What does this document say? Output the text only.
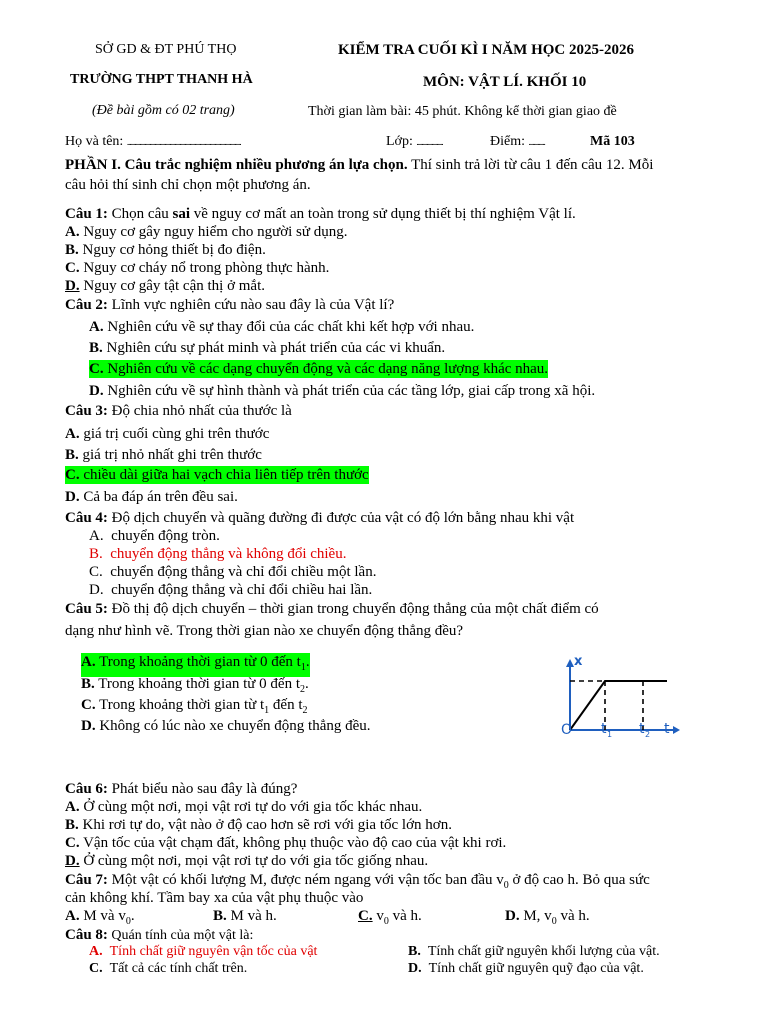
SỞ GD & ĐT PHÚ THỌ	KIỂM TRA CUỐI KÌ I NĂM HỌC 2025-2026
TRƯỜNG THPT THANH HÀ	MÔN: VẬT LÍ. KHỐI 10
(Đề bài gồm có 02 trang)	Thời gian làm bài: 45 phút. Không kể thời gian giao đề
Họ và tên: ...........................................................................................	Lớp: .....................	Điểm: .............	Mã 103
PHẦN I. Câu trắc nghiệm nhiều phương án lựa chọn. Thí sinh trả lời từ câu 1 đến câu 12. Mỗi
câu hỏi thí sinh chỉ chọn một phương án.
Câu 1: Chọn câu sai về nguy cơ mất an toàn trong sử dụng thiết bị thí nghiệm Vật lí.
A. Nguy cơ gây nguy hiểm cho người sử dụng.
B. Nguy cơ hỏng thiết bị đo điện.
C. Nguy cơ cháy nổ trong phòng thực hành.
D. Nguy cơ gây tật cận thị ở mắt.
Câu 2: Lĩnh vực nghiên cứu nào sau đây là của Vật lí?
A. Nghiên cứu về sự thay đổi của các chất khi kết hợp với nhau.
B. Nghiên cứu sự phát minh và phát triển của các vi khuẩn.
C. Nghiên cứu về các dạng chuyển động và các dạng năng lượng khác nhau.
D. Nghiên cứu về sự hình thành và phát triển của các tầng lớp, giai cấp trong xã hội.
Câu 3: Độ chia nhỏ nhất của thước là
A. giá trị cuối cùng ghi trên thước
B. giá trị nhỏ nhất ghi trên thước
C. chiều dài giữa hai vạch chia liên tiếp trên thước
D. Cả ba đáp án trên đều sai.
Câu 4: Độ dịch chuyển và quãng đường đi được của vật có độ lớn bằng nhau khi vật
A. chuyển động tròn.
B. chuyển động thẳng và không đổi chiều.
C. chuyển động thẳng và chỉ đổi chiều một lần.
D. chuyển động thẳng và chỉ đổi chiều hai lần.
Câu 5: Đồ thị độ dịch chuyển – thời gian trong chuyển động thẳng của một chất điểm có
dạng như hình vẽ. Trong thời gian nào xe chuyển động thẳng đều?
A. Trong khoảng thời gian từ 0 đến $t_1$.
B. Trong khoảng thời gian từ 0 đến $t_2$.
C. Trong khoảng thời gian từ $t_1$ đến $t_2$
D. Không có lúc nào xe chuyển động thẳng đều.
x
O	t
t 1 t 2
Câu 6: Phát biểu nào sau đây là đúng?
A. Ở cùng một nơi, mọi vật rơi tự do với gia tốc khác nhau.
B. Khi rơi tự do, vật nào ở độ cao hơn sẽ rơi với gia tốc lớn hơn.
C. Vận tốc của vật chạm đất, không phụ thuộc vào độ cao của vật khi rơi.
D. Ở cùng một nơi, mọi vật rơi tự do với gia tốc giống nhau.
Câu 7: Một vật có khối lượng M, được ném ngang với vận tốc ban đầu $v_0$ ở độ cao h. Bỏ qua sức
cản không khí. Tầm bay xa của vật phụ thuộc vào
A. M và $v_0$.	B. M và h.	C. $v_0$ và h.	D. M, $v_0$ và h.
Câu 8: Quán tính của một vật là:
A. Tính chất giữ nguyên vận tốc của vật	B. Tính chất giữ nguyên khối lượng của vật.
C. Tất cả các tính chất trên.	D. Tính chất giữ nguyên quỹ đạo của vật.
